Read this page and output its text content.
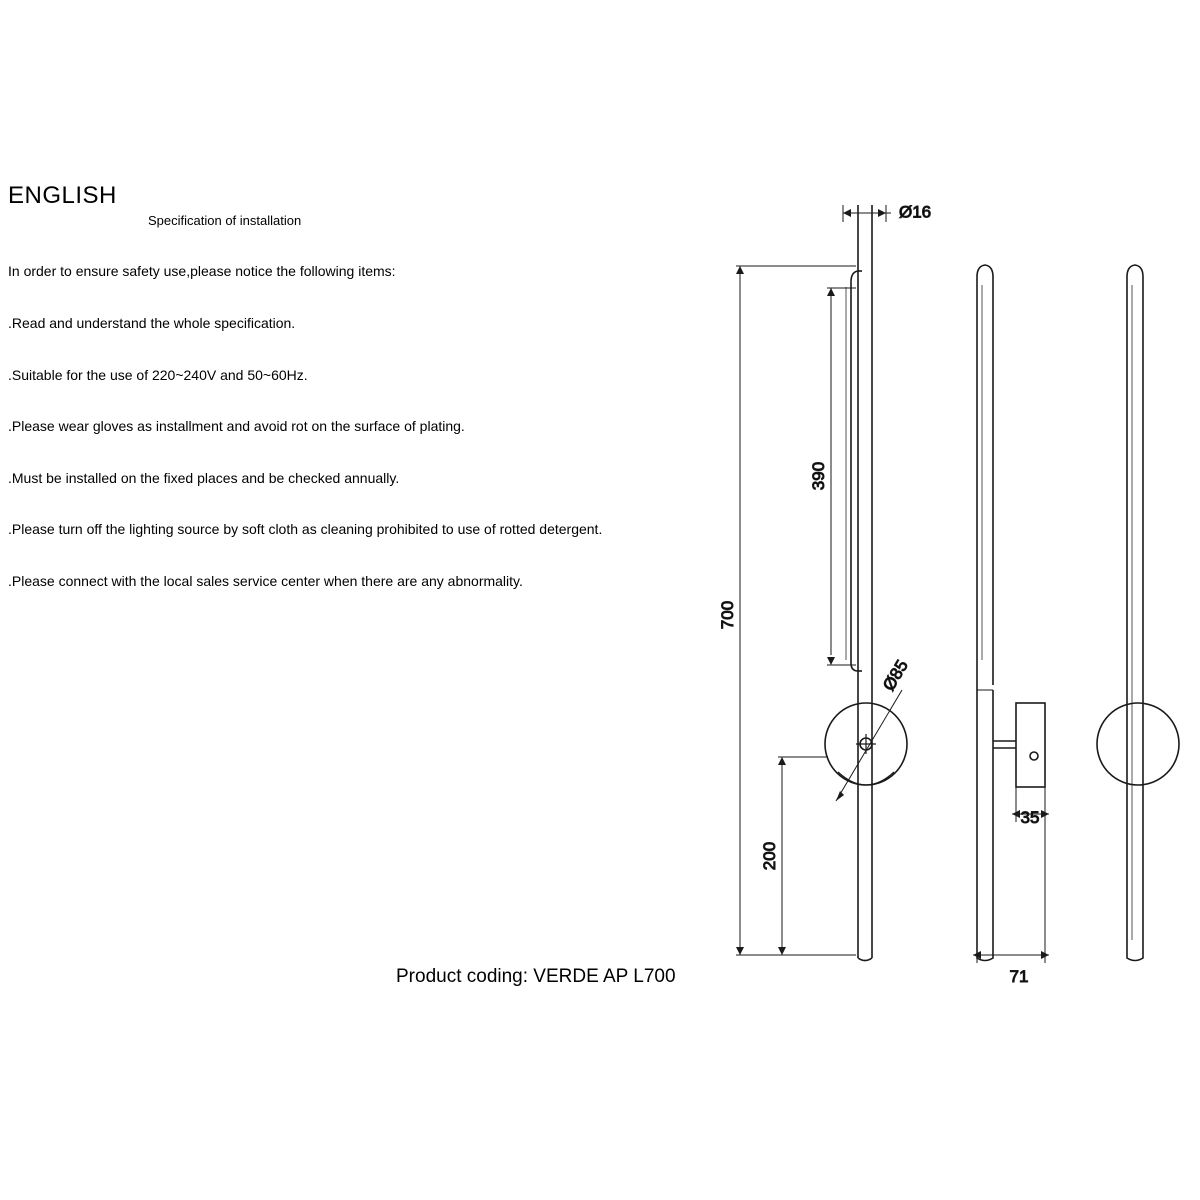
ENGLISH
Specification of installation

In order to ensure safety use,please notice the following items:

.Read and understand the whole specification.

.Suitable for the use of 220~240V and 50~60Hz.

.Please wear gloves as installment and avoid rot on the surface of plating.

.Must be installed on the fixed places and be checked annually.

.Please turn off the lighting source by soft cloth as cleaning prohibited to use of rotted detergent.

.Please connect with the local sales service center when there are any abnormality.

Product coding: VERDE AP L700
Ø16
390
700
Ø85
200
35
71
